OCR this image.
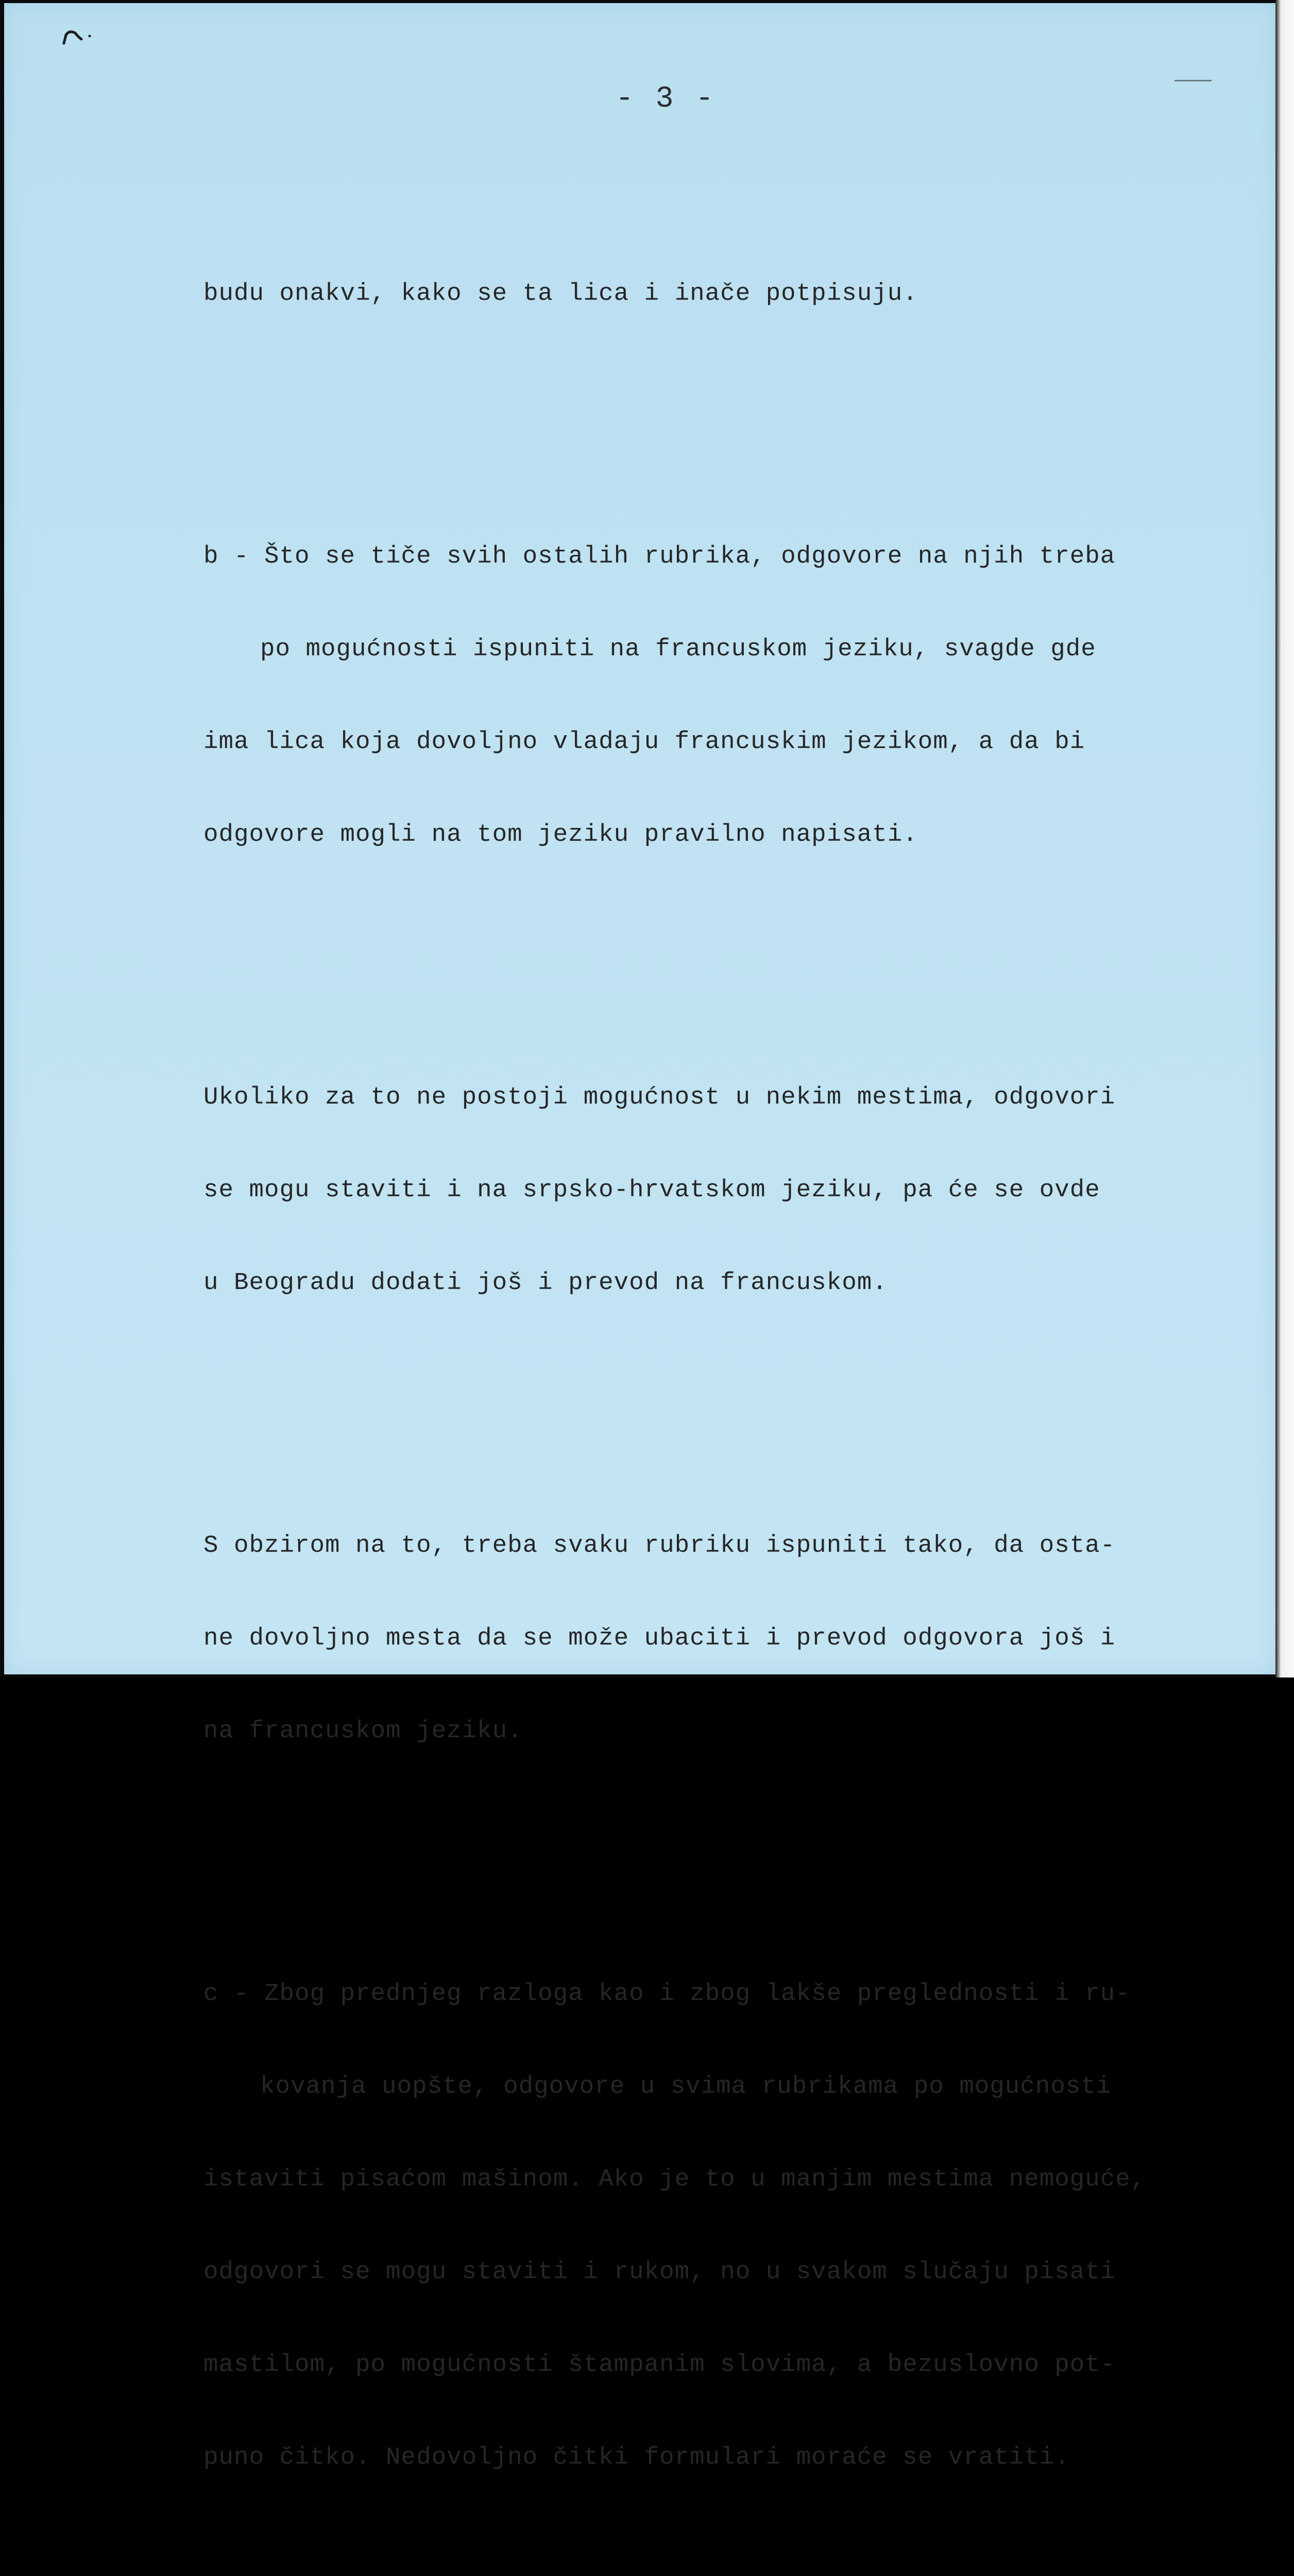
- 3 -

budu onakvi, kako se ta lica i inače potpisuju.

b - Što se tiče svih ostalih rubrika, odgovore na njih treba

po mogućnosti ispuniti na francuskom jeziku, svagde gde

ima lica koja dovoljno vladaju francuskim jezikom, a da bi

odgovore mogli na tom jeziku pravilno napisati.

Ukoliko za to ne postoji mogućnost u nekim mestima, odgovori

se mogu staviti i na srpsko-hrvatskom jeziku, pa će se ovde

u Beogradu dodati još i prevod na francuskom.

S obzirom na to, treba svaku rubriku ispuniti tako, da osta-

ne dovoljno mesta da se može ubaciti i prevod odgovora još i

na francuskom jeziku.

c - Zbog prednjeg razloga kao i zbog lakše preglednosti i ru-

kovanja uopšte, odgovore u svima rubrikama po mogućnosti

istaviti pisaćom mašinom. Ako je to u manjim mestima nemoguće,

odgovori se mogu staviti i rukom, no u svakom slučaju pisati

mastilom, po mogućnosti štampanim slovima, a bezuslovno pot-

puno čitko. Nedovoljno čitki formulari moraće se vratiti.
